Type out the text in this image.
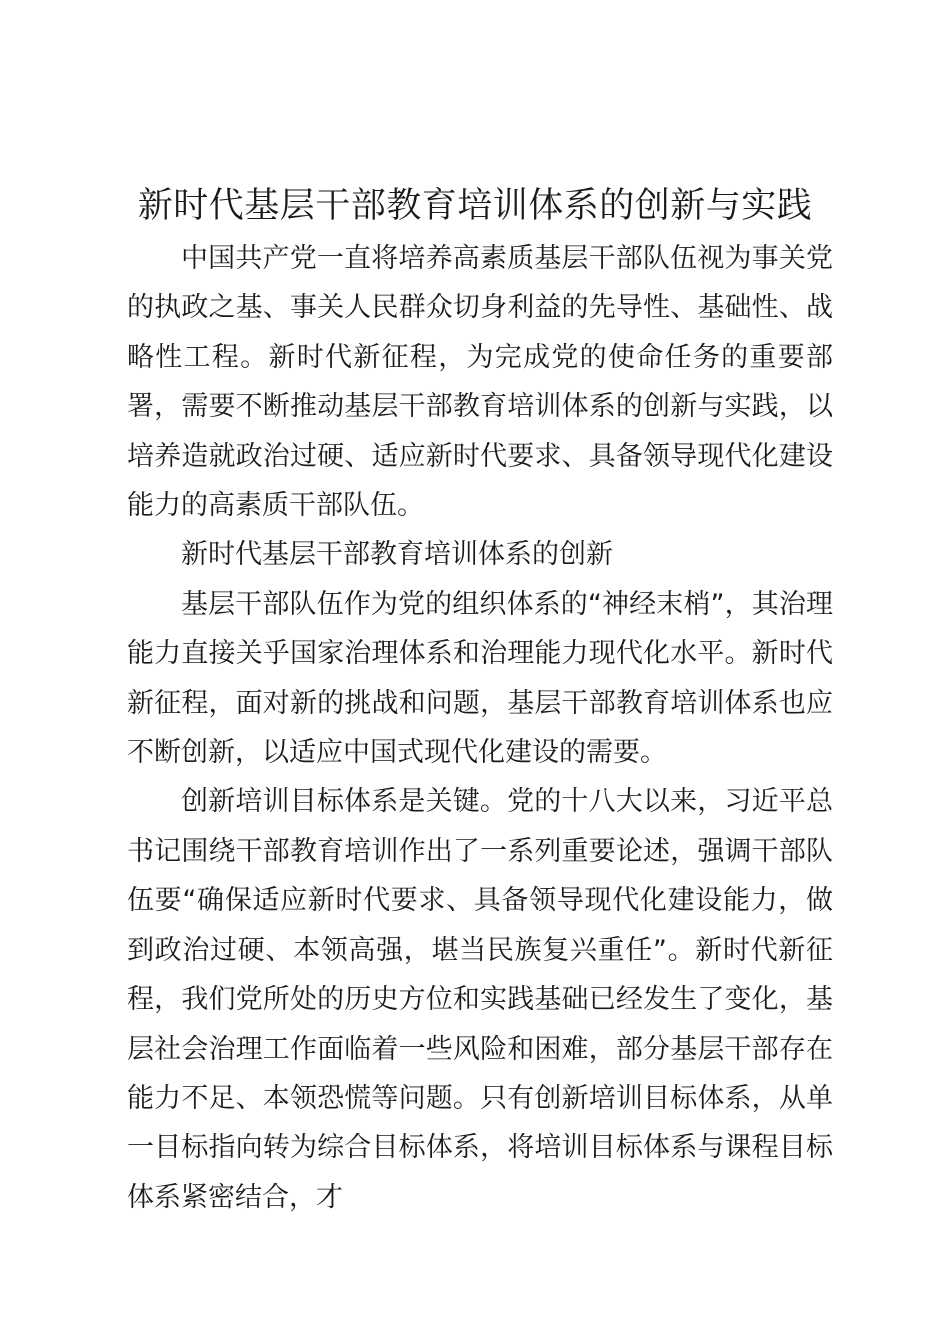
新时代基层干部教育培训体系的创新与实践

中国共产党一直将培养高素质基层干部队伍视为事关党的执政之基、事关人民群众切身利益的先导性、基础性、战略性工程。新时代新征程，为完成党的使命任务的重要部署，需要不断推动基层干部教育培训体系的创新与实践，以培养造就政治过硬、适应新时代要求、具备领导现代化建设能力的高素质干部队伍。

新时代基层干部教育培训体系的创新

基层干部队伍作为党的组织体系的“神经末梢”，其治理能力直接关乎国家治理体系和治理能力现代化水平。新时代新征程，面对新的挑战和问题，基层干部教育培训体系也应不断创新，以适应中国式现代化建设的需要。

创新培训目标体系是关键。党的十八大以来，习近平总书记围绕干部教育培训作出了一系列重要论述，强调干部队伍要“确保适应新时代要求、具备领导现代化建设能力，做到政治过硬、本领高强，堪当民族复兴重任”。新时代新征程，我们党所处的历史方位和实践基础已经发生了变化，基层社会治理工作面临着一些风险和困难，部分基层干部存在能力不足、本领恐慌等问题。只有创新培训目标体系，从单一目标指向转为综合目标体系，将培训目标体系与课程目标体系紧密结合，才
